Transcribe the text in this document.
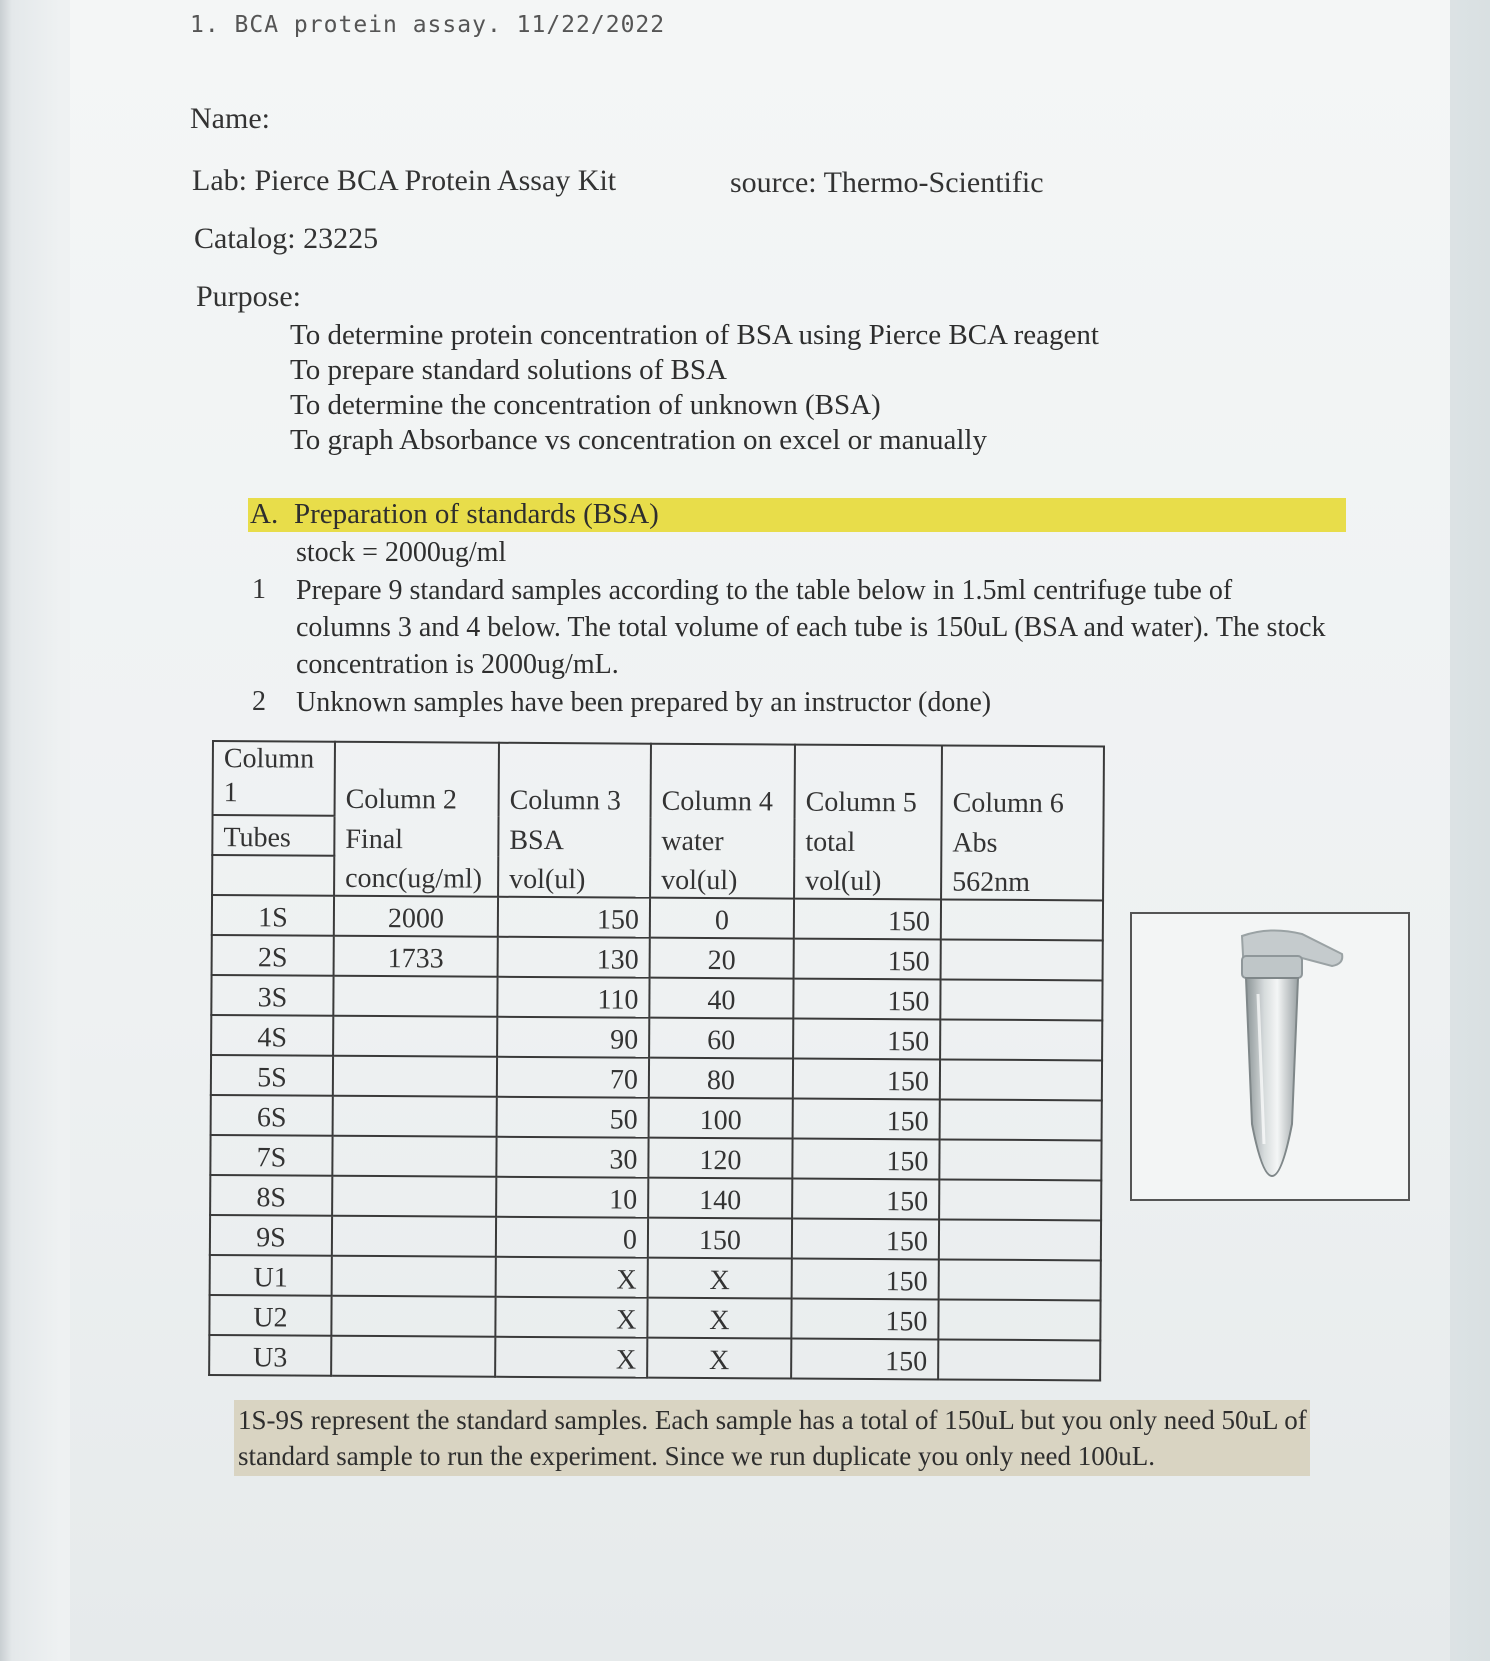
1. BCA protein assay. 11/22/2022
Name:
Lab: Pierce BCA Protein Assay Kit	source: Thermo-Scientific
Catalog: 23225
Purpose:
To determine protein concentration of BSA using Pierce BCA reagent
To prepare standard solutions of BSA
To determine the concentration of unknown (BSA)
To graph Absorbance vs concentration on excel or manually
A. Preparation of standards (BSA)
stock = 2000ug/ml
1 Prepare 9 standard samples according to the table below in 1.5ml centrifuge tube of columns 3 and 4 below. The total volume of each tube is 150uL (BSA and water). The stock concentration is 2000ug/mL.
2 Unknown samples have been prepared by an instructor (done)
Column 1	Column 2	Column 3	Column 4	Column 5	Column 6
Tubes	Final	BSA	water	total	Abs
	conc(ug/ml)	vol(ul)	vol(ul)	vol(ul)	562nm
1S	2000	150	0	150	
2S	1733	130	20	150	
3S		110	40	150	
4S		90	60	150	
5S		70	80	150	
6S		50	100	150	
7S		30	120	150	
8S		10	140	150	
9S		0	150	150	
U1		X	X	150	
U2		X	X	150	
U3		X	X	150	
1S-9S represent the standard samples. Each sample has a total of 150uL but you only need 50uL of standard sample to run the experiment. Since we run duplicate you only need 100uL.
